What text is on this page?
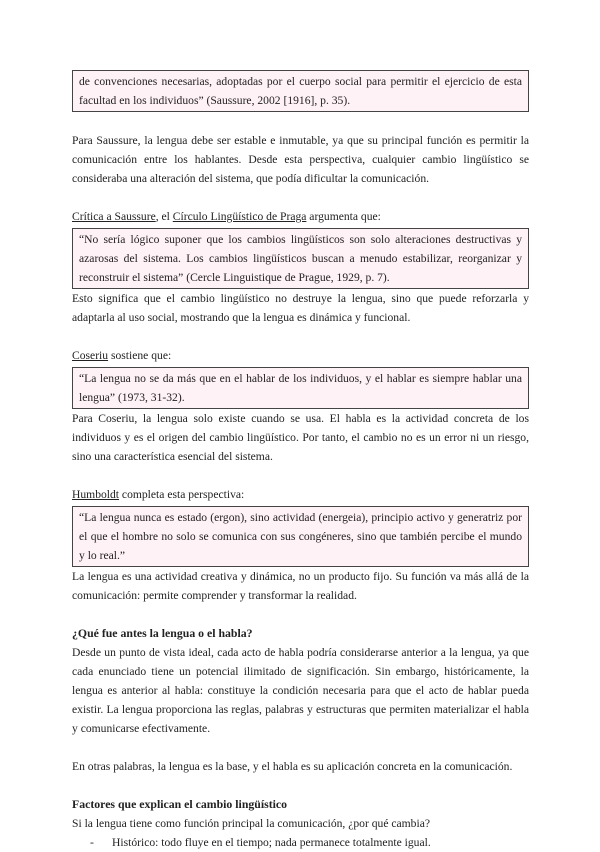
de convenciones necesarias, adoptadas por el cuerpo social para permitir el ejercicio de esta facultad en los individuos” (Saussure, 2002 [1916], p. 35).

Para Saussure, la lengua debe ser estable e inmutable, ya que su principal función es permitir la comunicación entre los hablantes. Desde esta perspectiva, cualquier cambio lingüístico se consideraba una alteración del sistema, que podía dificultar la comunicación.

Crítica a Saussure, el Círculo Lingüístico de Praga argumenta que:

“No sería lógico suponer que los cambios lingüísticos son solo alteraciones destructivas y azarosas del sistema. Los cambios lingüísticos buscan a menudo estabilizar, reorganizar y reconstruir el sistema” (Cercle Linguistique de Prague, 1929, p. 7).

Esto significa que el cambio lingüístico no destruye la lengua, sino que puede reforzarla y adaptarla al uso social, mostrando que la lengua es dinámica y funcional.

Coseriu sostiene que:

“La lengua no se da más que en el hablar de los individuos, y el hablar es siempre hablar una lengua” (1973, 31-32).

Para Coseriu, la lengua solo existe cuando se usa. El habla es la actividad concreta de los individuos y es el origen del cambio lingüístico. Por tanto, el cambio no es un error ni un riesgo, sino una característica esencial del sistema.

Humboldt completa esta perspectiva:

“La lengua nunca es estado (ergon), sino actividad (energeia), principio activo y generatriz por el que el hombre no solo se comunica con sus congéneres, sino que también percibe el mundo y lo real.”

La lengua es una actividad creativa y dinámica, no un producto fijo. Su función va más allá de la comunicación: permite comprender y transformar la realidad.

¿Qué fue antes la lengua o el habla?

Desde un punto de vista ideal, cada acto de habla podría considerarse anterior a la lengua, ya que cada enunciado tiene un potencial ilimitado de significación. Sin embargo, históricamente, la lengua es anterior al habla: constituye la condición necesaria para que el acto de hablar pueda existir. La lengua proporciona las reglas, palabras y estructuras que permiten materializar el habla y comunicarse efectivamente.

En otras palabras, la lengua es la base, y el habla es su aplicación concreta en la comunicación.

Factores que explican el cambio lingüístico

Si la lengua tiene como función principal la comunicación, ¿por qué cambia?

- Histórico: todo fluye en el tiempo; nada permanece totalmente igual.
